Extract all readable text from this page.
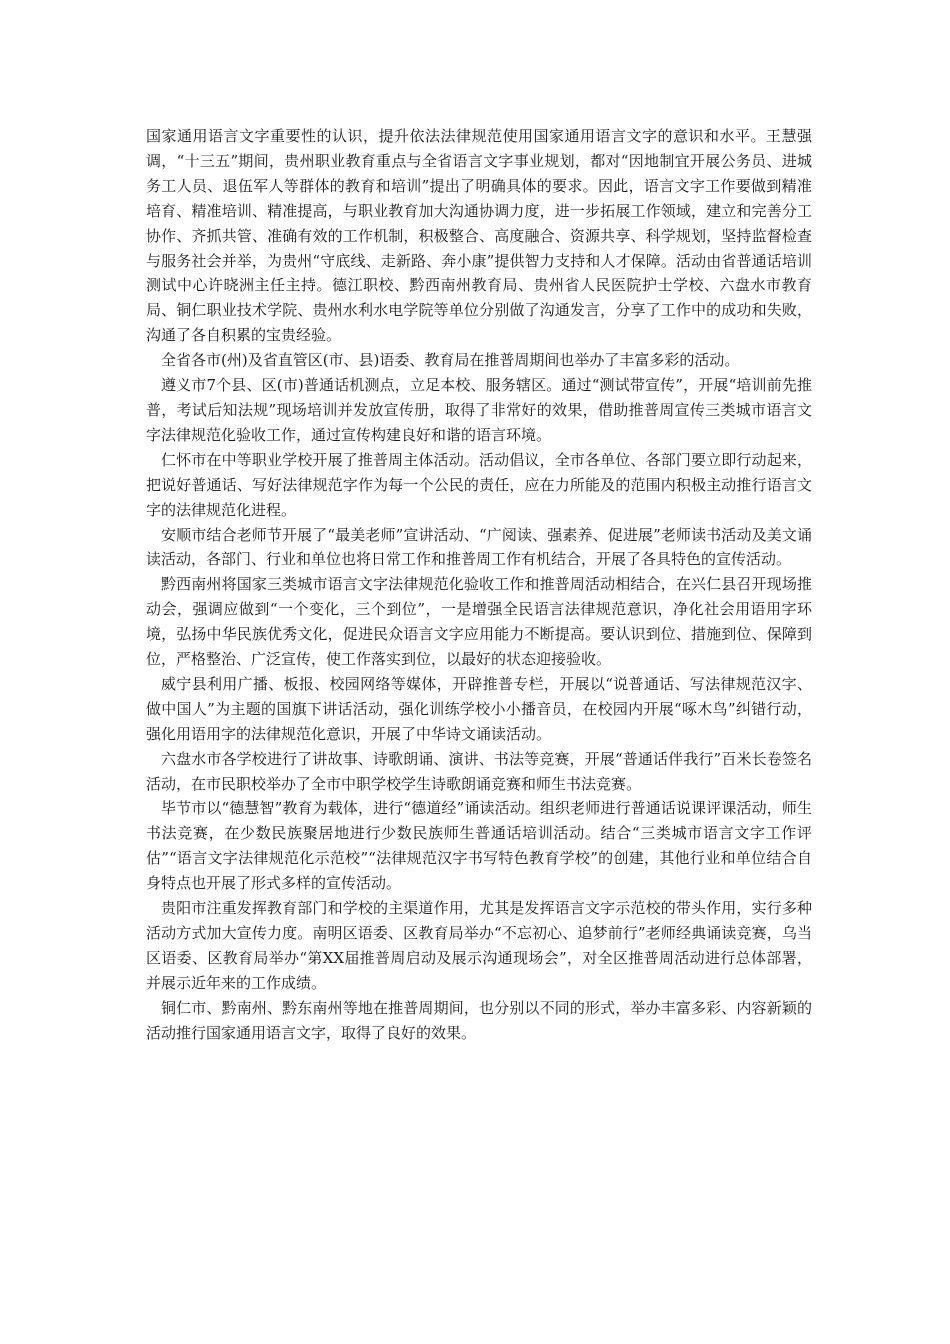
国家通用语言文字重要性的认识，提升依法法律规范使用国家通用语言文字的意识和水平。王慧强调，“十三五”期间，贵州职业教育重点与全省语言文字事业规划，都对“因地制宜开展公务员、进城务工人员、退伍军人等群体的教育和培训”提出了明确具体的要求。因此，语言文字工作要做到精准培育、精准培训、精准提高，与职业教育加大沟通协调力度，进一步拓展工作领域，建立和完善分工协作、齐抓共管、准确有效的工作机制，积极整合、高度融合、资源共享、科学规划，坚持监督检查与服务社会并举，为贵州“守底线、走新路、奔小康”提供智力支持和人才保障。活动由省普通话培训测试中心许晓洲主任主持。德江职校、黔西南州教育局、贵州省人民医院护士学校、六盘水市教育局、铜仁职业技术学院、贵州水利水电学院等单位分别做了沟通发言，分享了工作中的成功和失败，沟通了各自积累的宝贵经验。

全省各市(州)及省直管区(市、县)语委、教育局在推普周期间也举办了丰富多彩的活动。

遵义市7个县、区(市)普通话机测点，立足本校、服务辖区。通过“测试带宣传”，开展“培训前先推普，考试后知法规”现场培训并发放宣传册，取得了非常好的效果，借助推普周宣传三类城市语言文字法律规范化验收工作，通过宣传构建良好和谐的语言环境。

仁怀市在中等职业学校开展了推普周主体活动。活动倡议，全市各单位、各部门要立即行动起来，把说好普通话、写好法律规范字作为每一个公民的责任，应在力所能及的范围内积极主动推行语言文字的法律规范化进程。

安顺市结合老师节开展了“最美老师”宣讲活动、“广阅读、强素养、促进展”老师读书活动及美文诵读活动，各部门、行业和单位也将日常工作和推普周工作有机结合，开展了各具特色的宣传活动。

黔西南州将国家三类城市语言文字法律规范化验收工作和推普周活动相结合，在兴仁县召开现场推动会，强调应做到“一个变化，三个到位”，一是增强全民语言法律规范意识，净化社会用语用字环境，弘扬中华民族优秀文化，促进民众语言文字应用能力不断提高。要认识到位、措施到位、保障到位，严格整治、广泛宣传，使工作落实到位，以最好的状态迎接验收。

威宁县利用广播、板报、校园网络等媒体，开辟推普专栏，开展以“说普通话、写法律规范汉字、做中国人”为主题的国旗下讲话活动，强化训练学校小小播音员，在校园内开展“啄木鸟”纠错行动，强化用语用字的法律规范化意识，开展了中华诗文诵读活动。

六盘水市各学校进行了讲故事、诗歌朗诵、演讲、书法等竞赛，开展“普通话伴我行”百米长卷签名活动，在市民职校举办了全市中职学校学生诗歌朗诵竞赛和师生书法竞赛。

毕节市以“德慧智”教育为载体，进行“德道经”诵读活动。组织老师进行普通话说课评课活动，师生书法竞赛，在少数民族聚居地进行少数民族师生普通话培训活动。结合“三类城市语言文字工作评估”“语言文字法律规范化示范校”“法律规范汉字书写特色教育学校”的创建，其他行业和单位结合自身特点也开展了形式多样的宣传活动。

贵阳市注重发挥教育部门和学校的主渠道作用，尤其是发挥语言文字示范校的带头作用，实行多种活动方式加大宣传力度。南明区语委、区教育局举办“不忘初心、追梦前行”老师经典诵读竞赛，乌当区语委、区教育局举办“第XX届推普周启动及展示沟通现场会”，对全区推普周活动进行总体部署，并展示近年来的工作成绩。

铜仁市、黔南州、黔东南州等地在推普周期间，也分别以不同的形式，举办丰富多彩、内容新颖的活动推行国家通用语言文字，取得了良好的效果。
